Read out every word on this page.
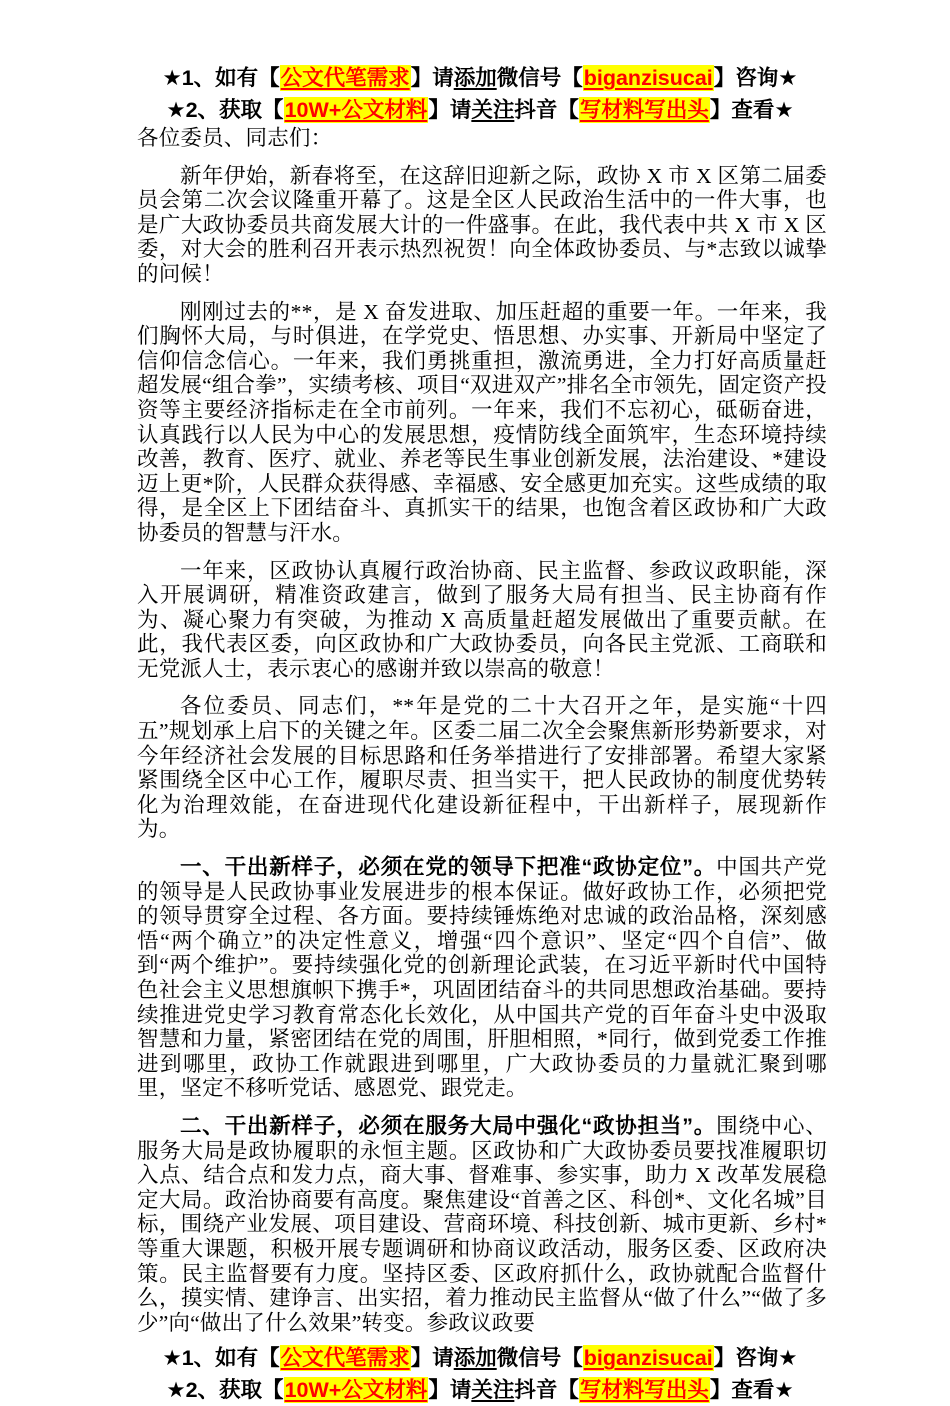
★1、如有【公文代笔需求】请添加微信号【biganzisucai】咨询★
★2、获取【10W+公文材料】请关注抖音【写材料写出头】查看★

各位委员、同志们：

新年伊始，新春将至，在这辞旧迎新之际，政协 X 市 X 区第二届委员会第二次会议隆重开幕了。这是全区人民政治生活中的一件大事，也是广大政协委员共商发展大计的一件盛事。在此，我代表中共 X 市 X 区委，对大会的胜利召开表示热烈祝贺！向全体政协委员、与*志致以诚挚的问候！

刚刚过去的**，是 X 奋发进取、加压赶超的重要一年。一年来，我们胸怀大局，与时俱进，在学党史、悟思想、办实事、开新局中坚定了信仰信念信心。一年来，我们勇挑重担，激流勇进，全力打好高质量赶超发展“组合拳”，实绩考核、项目“双进双产”排名全市领先，固定资产投资等主要经济指标走在全市前列。一年来，我们不忘初心，砥砺奋进，认真践行以人民为中心的发展思想，疫情防线全面筑牢，生态环境持续改善，教育、医疗、就业、养老等民生事业创新发展，法治建设、*建设迈上更*阶，人民群众获得感、幸福感、安全感更加充实。这些成绩的取得，是全区上下团结奋斗、真抓实干的结果，也饱含着区政协和广大政协委员的智慧与汗水。

一年来，区政协认真履行政治协商、民主监督、参政议政职能，深入开展调研，精准资政建言，做到了服务大局有担当、民主协商有作为、凝心聚力有突破，为推动 X 高质量赶超发展做出了重要贡献。在此，我代表区委，向区政协和广大政协委员，向各民主党派、工商联和无党派人士，表示衷心的感谢并致以崇高的敬意！

各位委员、同志们，**年是党的二十大召开之年，是实施“十四五”规划承上启下的关键之年。区委二届二次全会聚焦新形势新要求，对今年经济社会发展的目标思路和任务举措进行了安排部署。希望大家紧紧围绕全区中心工作，履职尽责、担当实干，把人民政协的制度优势转化为治理效能，在奋进现代化建设新征程中，干出新样子，展现新作为。

一、干出新样子，必须在党的领导下把准“政协定位”。中国共产党的领导是人民政协事业发展进步的根本保证。做好政协工作，必须把党的领导贯穿全过程、各方面。要持续锤炼绝对忠诚的政治品格，深刻感悟“两个确立”的决定性意义，增强“四个意识”、坚定“四个自信”、做到“两个维护”。要持续强化党的创新理论武装，在习近平新时代中国特色社会主义思想旗帜下携手*，巩固团结奋斗的共同思想政治基础。要持续推进党史学习教育常态化长效化，从中国共产党的百年奋斗史中汲取智慧和力量，紧密团结在党的周围，肝胆相照，*同行，做到党委工作推进到哪里，政协工作就跟进到哪里，广大政协委员的力量就汇聚到哪里，坚定不移听党话、感恩党、跟党走。

二、干出新样子，必须在服务大局中强化“政协担当”。围绕中心、服务大局是政协履职的永恒主题。区政协和广大政协委员要找准履职切入点、结合点和发力点，商大事、督难事、参实事，助力 X 改革发展稳定大局。政治协商要有高度。聚焦建设“首善之区、科创*、文化名城”目标，围绕产业发展、项目建设、营商环境、科技创新、城市更新、乡村*等重大课题，积极开展专题调研和协商议政活动，服务区委、区政府决策。民主监督要有力度。坚持区委、区政府抓什么，政协就配合监督什么，摸实情、建诤言、出实招，着力推动民主监督从“做了什么”“做了多少”向“做出了什么效果”转变。参政议政要

★1、如有【公文代笔需求】请添加微信号【biganzisucai】咨询★
★2、获取【10W+公文材料】请关注抖音【写材料写出头】查看★
